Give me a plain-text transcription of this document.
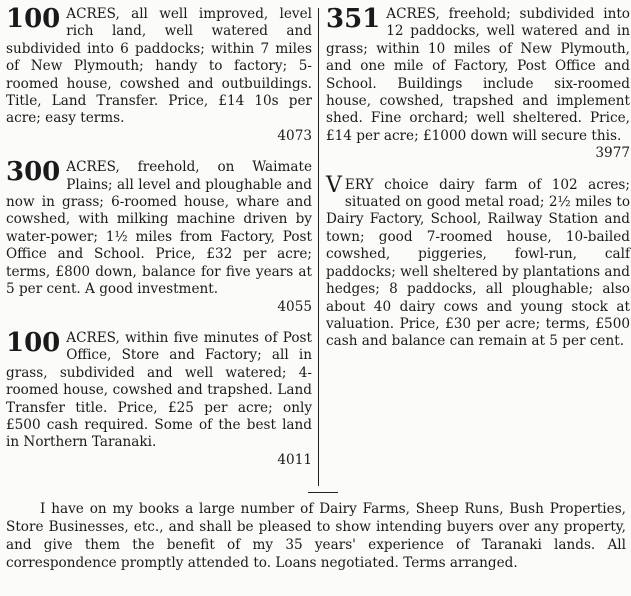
100 ACRES, all well improved, level rich land, well watered and subdivided into 6 paddocks; within 7 miles of New Plymouth; handy to factory; 5-roomed house, cowshed and outbuildings. Title, Land Transfer. Price, £14 10s per acre; easy terms.
4073
300 ACRES, freehold, on Waimate Plains; all level and ploughable and now in grass; 6-roomed house, whare and cowshed, with milking machine driven by water-power; 1½ miles from Factory, Post Office and School. Price, £32 per acre; terms, £800 down, balance for five years at 5 per cent. A good investment.
4055
100 ACRES, within five minutes of Post Office, Store and Factory; all in grass, subdivided and well watered; 4-roomed house, cowshed and trapshed. Land Transfer title. Price, £25 per acre; only £500 cash required. Some of the best land in Northern Taranaki.
4011
351 ACRES, freehold; subdivided into 12 paddocks, well watered and in grass; within 10 miles of New Plymouth, and one mile of Factory, Post Office and School. Buildings include six-roomed house, cowshed, trapshed and implement shed. Fine orchard; well sheltered. Price, £14 per acre; £1000 down will secure this.
3977
V ERY choice dairy farm of 102 acres; situated on good metal road; 2½ miles to Dairy Factory, School, Railway Station and town; good 7-roomed house, 10-bailed cowshed, piggeries, fowl-run, calf paddocks; well sheltered by plantations and hedges; 8 paddocks, all ploughable; also about 40 dairy cows and young stock at valuation. Price, £30 per acre; terms, £500 cash and balance can remain at 5 per cent.
I have on my books a large number of Dairy Farms, Sheep Runs, Bush Properties, Store Businesses, etc., and shall be pleased to show intending buyers over any property, and give them the benefit of my 35 years' experience of Taranaki lands. All correspondence promptly attended to. Loans negotiated. Terms arranged.
